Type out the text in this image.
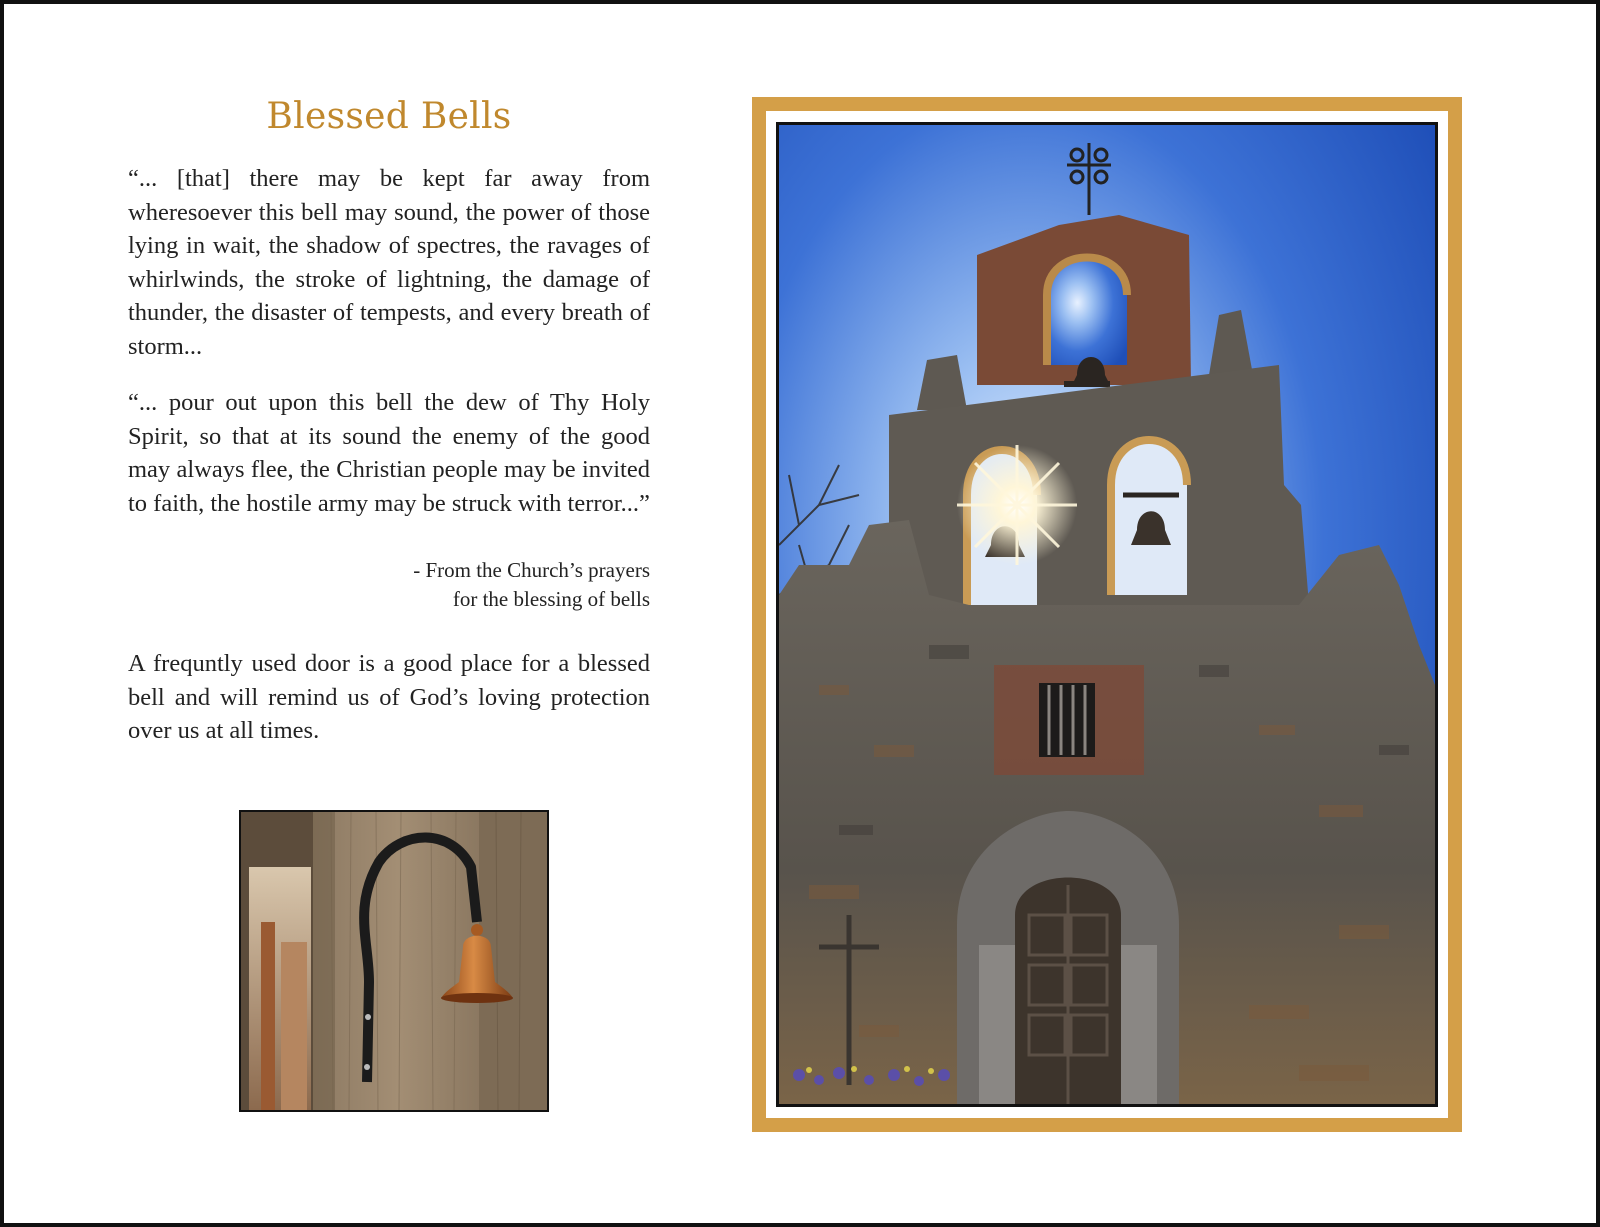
Blessed Bells

“... [that] there may be kept far away from wheresoever this bell may sound, the power of those lying in wait, the shadow of spectres, the ravages of whirlwinds, the stroke of lightning, the damage of thunder, the disaster of tempests, and every breath of storm...

“... pour out upon this bell the dew of Thy Holy Spirit, so that at its sound the enemy of the good may always flee, the Christian people may be invited to faith, the hostile army may be struck with terror...”

- From the Church’s prayers
for the blessing of bells

A frequntly used door is a good place for a blessed bell and will remind us of God’s loving protection over us at all times.
